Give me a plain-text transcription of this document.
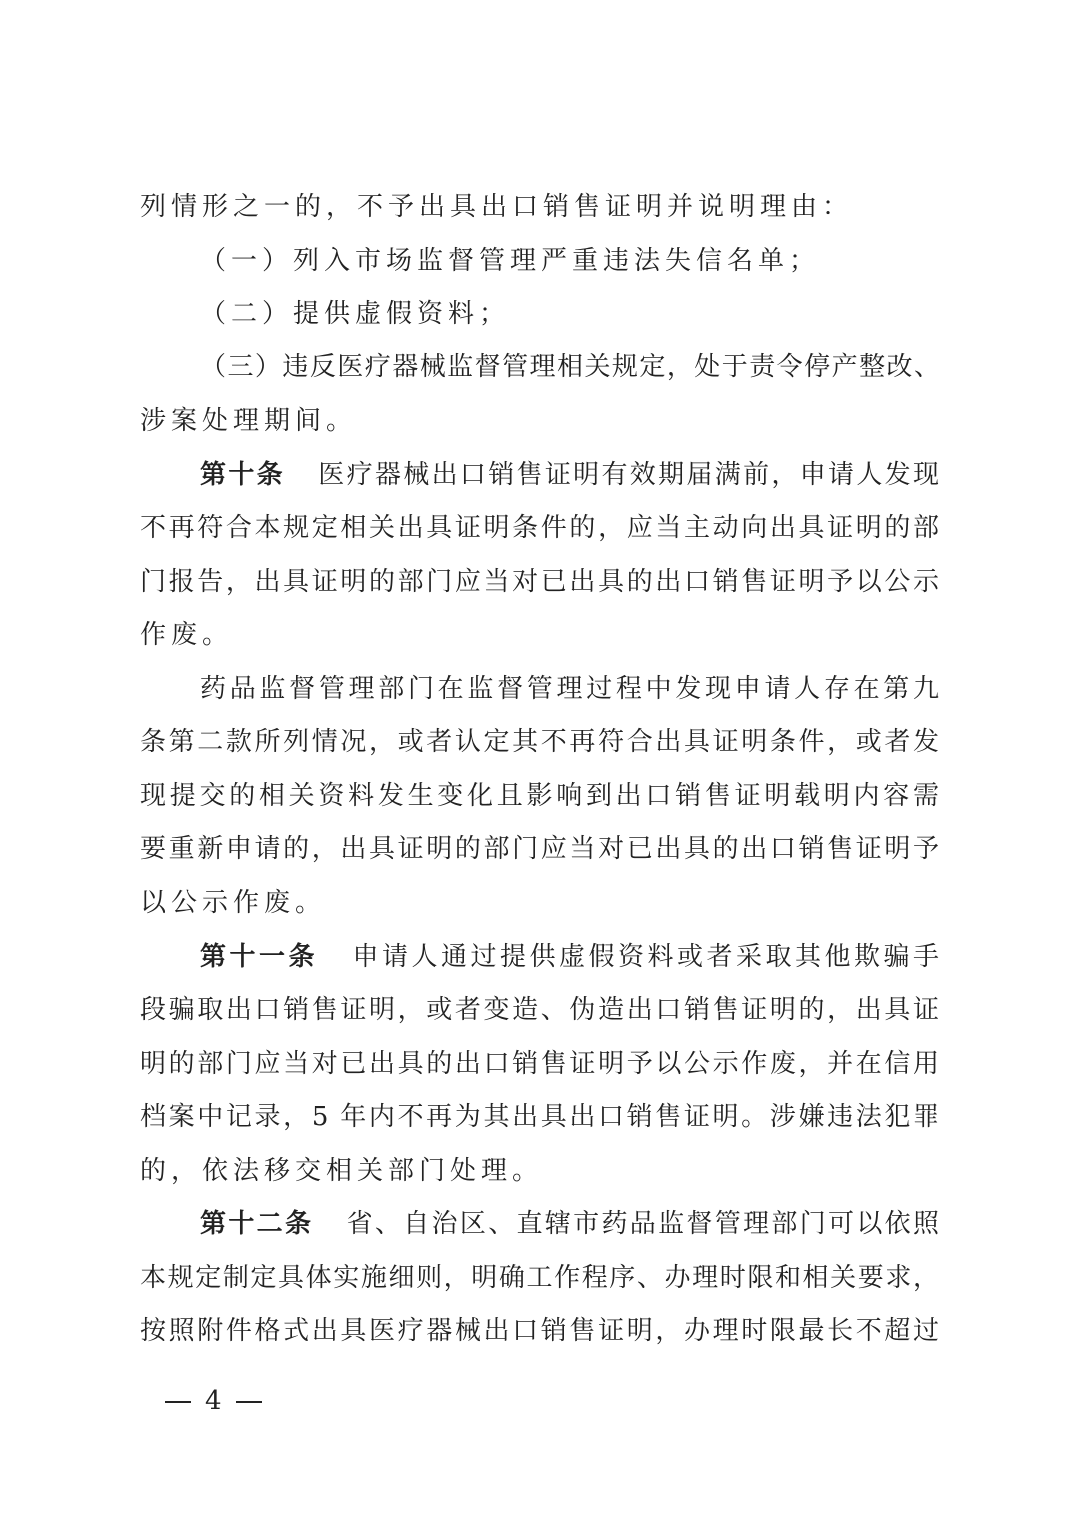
列情形之一的，不予出具出口销售证明并说明理由：
（一）列入市场监督管理严重违法失信名单；
（二）提供虚假资料；
（三）违反医疗器械监督管理相关规定，处于责令停产整改、
涉案处理期间。
第十条 医疗器械出口销售证明有效期届满前，申请人发现
不再符合本规定相关出具证明条件的，应当主动向出具证明的部
门报告，出具证明的部门应当对已出具的出口销售证明予以公示
作废。
药品监督管理部门在监督管理过程中发现申请人存在第九
条第二款所列情况，或者认定其不再符合出具证明条件，或者发
现提交的相关资料发生变化且影响到出口销售证明载明内容需
要重新申请的，出具证明的部门应当对已出具的出口销售证明予
以公示作废。
第十一条 申请人通过提供虚假资料或者采取其他欺骗手
段骗取出口销售证明，或者变造、伪造出口销售证明的，出具证
明的部门应当对已出具的出口销售证明予以公示作废，并在信用
档案中记录，5 年内不再为其出具出口销售证明。涉嫌违法犯罪
的，依法移交相关部门处理。
第十二条 省、自治区、直辖市药品监督管理部门可以依照
本规定制定具体实施细则，明确工作程序、办理时限和相关要求，
按照附件格式出具医疗器械出口销售证明，办理时限最长不超过
4
